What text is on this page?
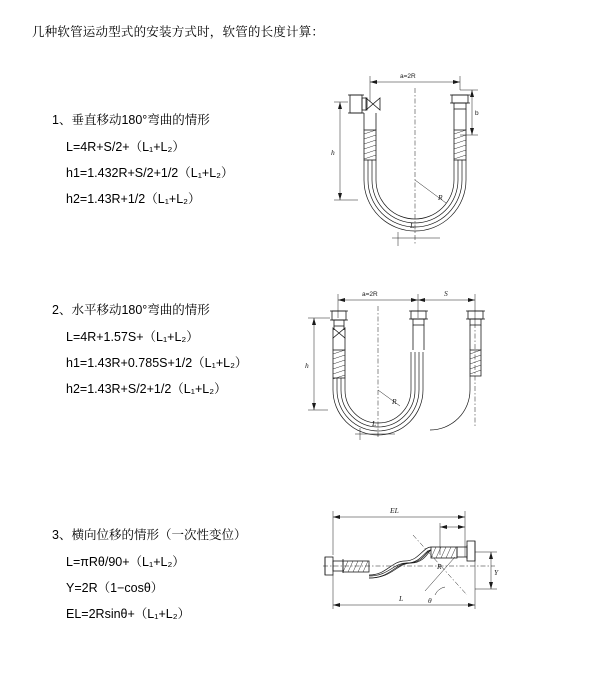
几种软管运动型式的安装方式时，软管的长度计算：
1、垂直移动180°弯曲的情形
L=4R+S/2+（L₁+L₂）
h1=1.432R+S/2+1/2（L₁+L₂）
h2=1.43R+1/2（L₁+L₂）
a=2R
b
R
h
L
2、水平移动180°弯曲的情形
L=4R+1.57S+（L₁+L₂）
h1=1.43R+0.785S+1/2（L₁+L₂）
h2=1.43R+S/2+1/2（L₁+L₂）
a=2R	S
R
h
L
3、横向位移的情形（一次性变位）
L=πRθ/90+（L₁+L₂）
Y=2R（1−cosθ）
EL=2Rsinθ+（L₁+L₂）
EL
Y
R
θ
L
